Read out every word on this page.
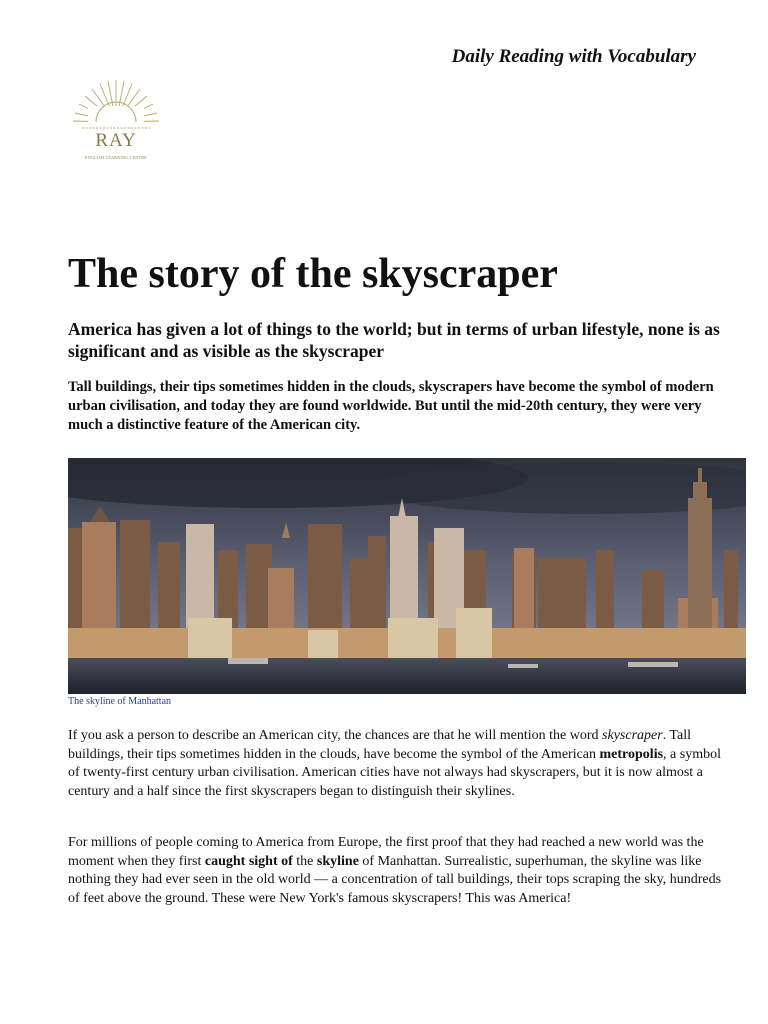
Daily Reading with Vocabulary
RAY
ENGLISH LEARNING CENTRE
The story of the skyscraper

America has given a lot of things to the world; but in terms of urban lifestyle, none is as significant and as visible as the skyscraper

Tall buildings, their tips sometimes hidden in the clouds, skyscrapers have become the symbol of modern urban civilisation, and today they are found worldwide. But until the mid-20th century, they were very much a distinctive feature of the American city.

The skyline of Manhattan

If you ask a person to describe an American city, the chances are that he will mention the word skyscraper. Tall buildings, their tips sometimes hidden in the clouds, have become the symbol of the American metropolis, a symbol of twenty-first century urban civilisation. American cities have not always had skyscrapers, but it is now almost a century and a half since the first skyscrapers began to distinguish their skylines.

For millions of people coming to America from Europe, the first proof that they had reached a new world was the moment when they first caught sight of the skyline of Manhattan. Surrealistic, superhuman, the skyline was like nothing they had ever seen in the old world — a concentration of tall buildings, their tops scraping the sky, hundreds of feet above the ground. These were New York's famous skyscrapers! This was America!
